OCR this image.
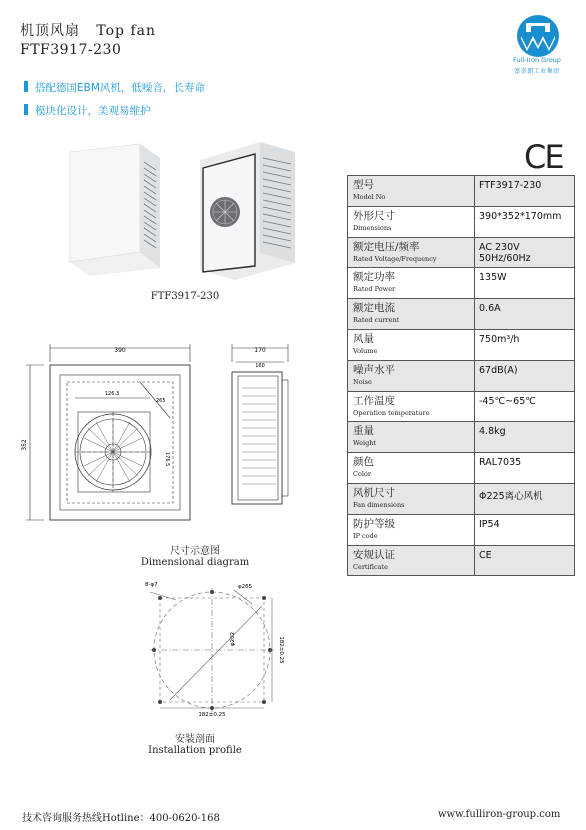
机顶风扇 Top fan
FTF3917-230
Full-Iron Group
富崟朗工业集团
搭配德国EBM风机，低噪音，长寿命
模块化设计，美观易维护
CE
FTF3917-230
390
352
126.3
265
176.5
170
160
尺寸示意图
Dimensional diagram
8-φ7	φ265
182±0.25
182±0.25
φ202
安装剖面
Installation profile
型号
Model No	FTF3917-230

外形尺寸
Dimensions	390*352*170mm

额定电压/频率
Rated Voltage/Frequency	AC 230V 50Hz/60Hz

额定功率
Rated Power	135W

额定电流
Rated current	0.6A

风量
Volume	750m³/h

噪声水平
Noise	67dB(A)

工作温度
Operation temperature	-45℃~65℃

重量
Weight	4.8kg

颜色
Color	RAL7035

风机尺寸
Fan dimensions	Φ225离心风机

防护等级
IP code	IP54

安规认证
Certificate	CE
技术咨询服务热线Hotline：400-0620-168	www.fulliron-group.com
